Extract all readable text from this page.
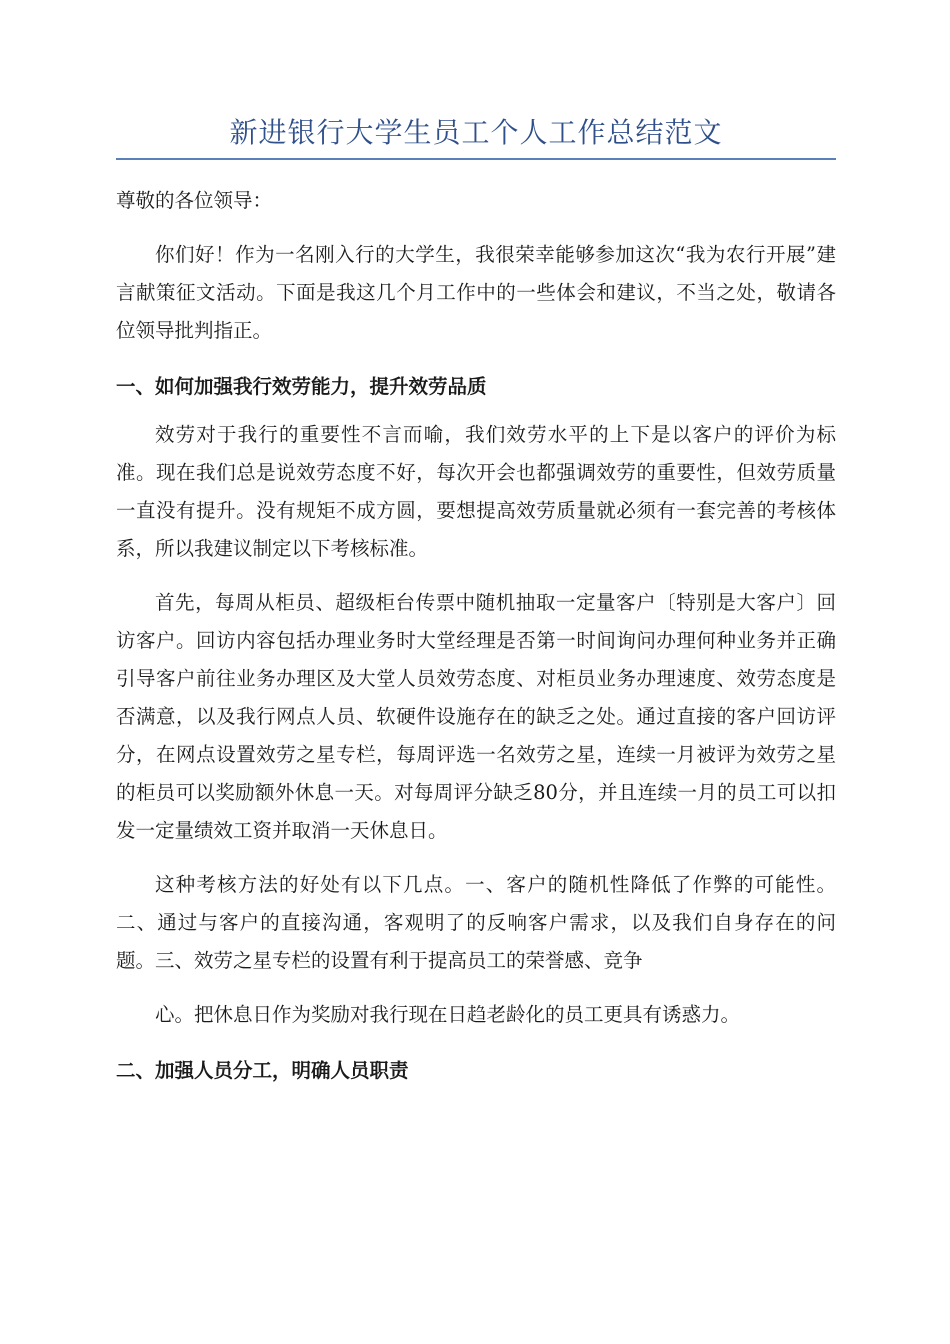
新进银行大学生员工个人工作总结范文
尊敬的各位领导：

你们好！作为一名刚入行的大学生，我很荣幸能够参加这次“我为农行开展”建言献策征文活动。下面是我这几个月工作中的一些体会和建议，不当之处，敬请各位领导批判指正。

一、如何加强我行效劳能力，提升效劳品质

效劳对于我行的重要性不言而喻，我们效劳水平的上下是以客户的评价为标准。现在我们总是说效劳态度不好，每次开会也都强调效劳的重要性，但效劳质量一直没有提升。没有规矩不成方圆，要想提高效劳质量就必须有一套完善的考核体系，所以我建议制定以下考核标准。

首先，每周从柜员、超级柜台传票中随机抽取一定量客户〔特别是大客户〕回访客户。回访内容包括办理业务时大堂经理是否第一时间询问办理何种业务并正确引导客户前往业务办理区及大堂人员效劳态度、对柜员业务办理速度、效劳态度是否满意，以及我行网点人员、软硬件设施存在的缺乏之处。通过直接的客户回访评分，在网点设置效劳之星专栏，每周评选一名效劳之星，连续一月被评为效劳之星的柜员可以奖励额外休息一天。对每周评分缺乏80分，并且连续一月的员工可以扣发一定量绩效工资并取消一天休息日。

这种考核方法的好处有以下几点。一、客户的随机性降低了作弊的可能性。二、通过与客户的直接沟通，客观明了的反响客户需求，以及我们自身存在的问题。三、效劳之星专栏的设置有利于提高员工的荣誉感、竞争

心。把休息日作为奖励对我行现在日趋老龄化的员工更具有诱惑力。

二、加强人员分工，明确人员职责
